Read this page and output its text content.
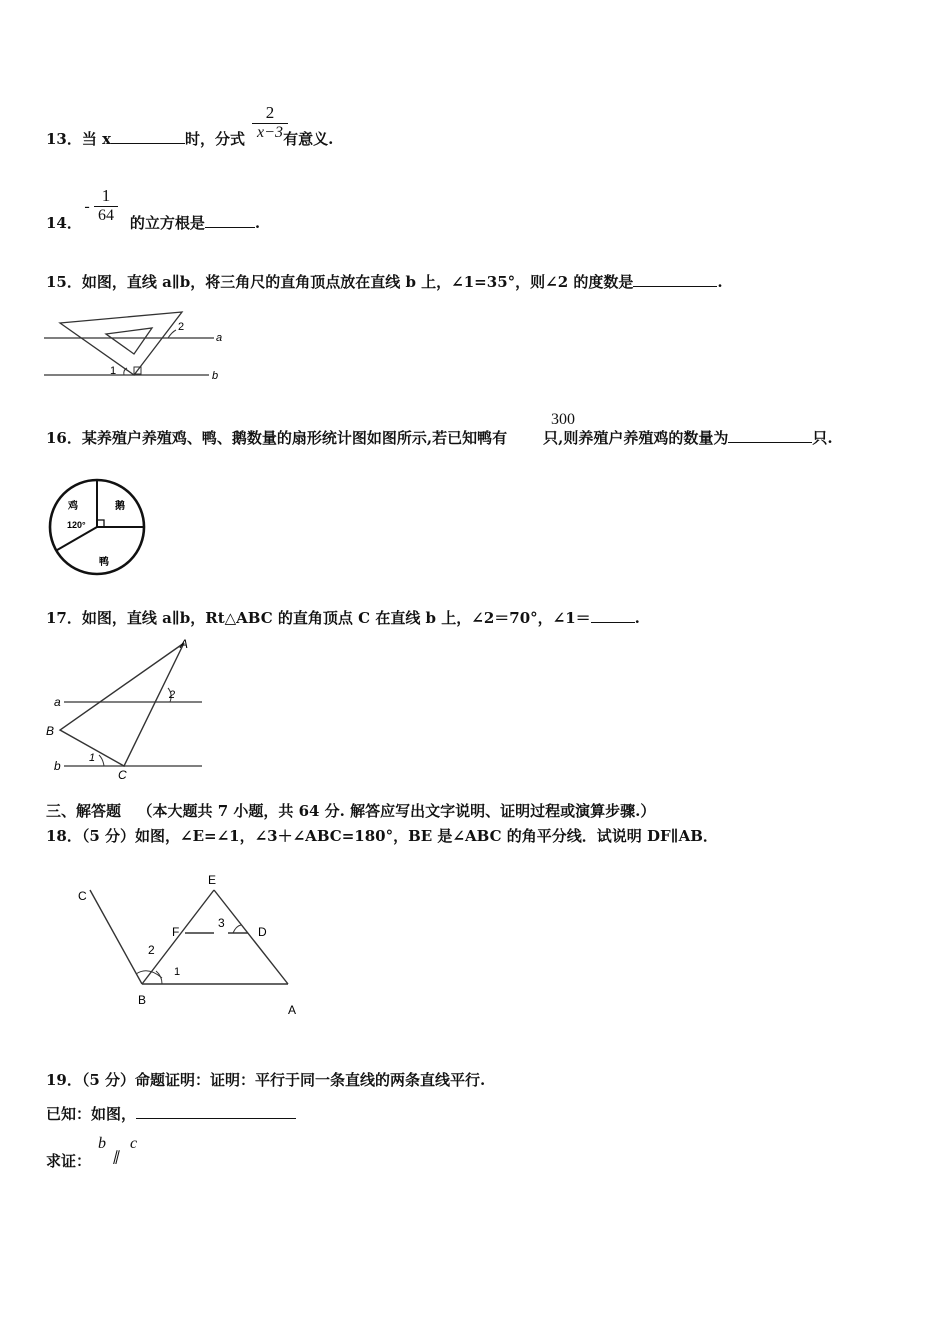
13．当 x	时，分式	有意义.
2
x−3
14．	的立方根是	.
-
1
64
15．如图，直线 a∥b，将三角尺的直角顶点放在直线 b 上，∠1=35°，则∠2 的度数是	.
1
2
a
b
16．某养殖户养殖鸡、鸭、鹅数量的扇形统计图如图所示,若已知鸭有 只,则养殖户养殖鸡的数量为	只.
300
鸡	鹅
鸭
120°
17．如图，直线 a∥b，Rt△ABC 的直角顶点 C 在直线 b 上，∠2＝70°，∠1＝	.
A
B
C
a
b
1
2
三、解答题 （本大题共 7 小题，共 64 分. 解答应写出文字说明、证明过程或演算步骤.）
18．（5 分）如图，∠E=∠1，∠3＋∠ABC=180°，BE 是∠ABC 的角平分线．试说明 DF∥AB．
C
E
F	D
B
A
1
2
3
19．（5 分）命题证明：证明：平行于同一条直线的两条直线平行.
已知：如图，
求证：
b
∥
c
